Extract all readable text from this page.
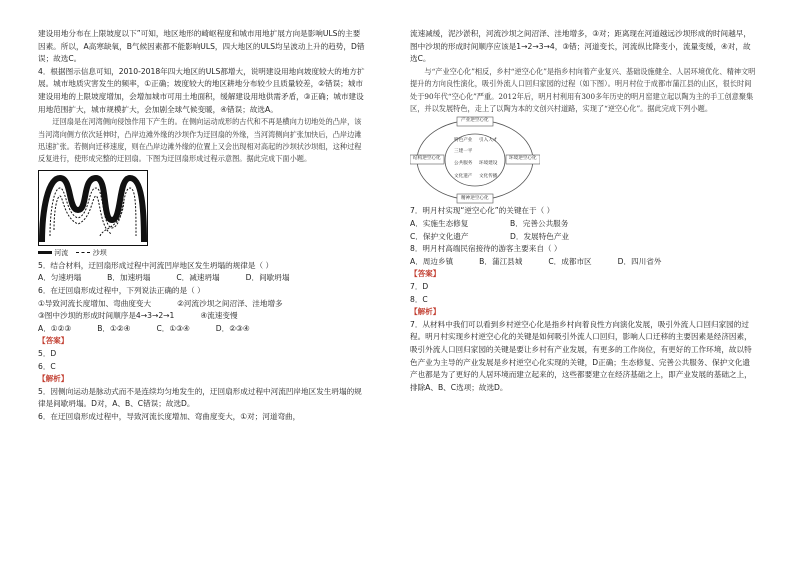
建设用地分布在上限坡度以下”可知，地区地形的崎岖程度和城市用地扩展方向是影响ULS的主要因素。所以，A高寒缺氧，B气候因素都不能影响ULS，四大地区的ULS均呈波动上升的趋势，D错误；故选C。

4．根据图示信息可知，2010-2018年四大地区的ULS都增大，说明建设用地向坡度较大的地方扩展。城市地质灾害发生的频率，①正确；坡度较大的地区耕地分布较少且质量较差，②错误；城市建设用地的上限坡度增加，会增加城市可用土地面积，缓解建设用地供需矛盾，③正确；城市建设用地范围扩大，城市规模扩大，会加剧全球气候变暖，④错误；故选A。

迂回扇是在河湾侧向侵蚀作用下产生的。在侧向运动成形的古代和不再是横向力切地处的凸岸，该当河湾向侧方依次延伸时，凸岸边滩外缘的沙坝作为迂回扇的外缘，当河湾侧向扩张加快后，凸岸边滩迅速扩张。若侧向迁移速度，则在凸岸边滩外缘的位置上又会出现相对高起的沙坝状沙坝组，这种过程反复进行，使形成完整的迂回扇。下图为迂回扇形成过程示意图。据此完成下面小题。

河流	沙坝

5．结合材料，迂回扇形成过程中河流凹岸地区发生坍塌的规律是（ ）

A．匀速坍塌	B．加速坍塌	C．减速坍塌	D．间歇坍塌

6．在迂回扇形成过程中，下列说法正确的是（ ）

①导致河流长度增加、弯曲度变大	②河流沙坝之间沼泽、洼地增多
③图中沙坝的形成时间顺序是4→3→2→1	④流速变慢
A．①②③	B．①②④	C．①③④	D．②③④

【答案】

5．D

6．C

【解析】

5．因侧向运动是脉动式而不是连续均匀地发生的，迂回扇形成过程中河流凹岸地区发生坍塌的规律是间歇坍塌。D对，A、B、C错误；故选D。

6．在迂回扇形成过程中，导致河流长度增加、弯曲度变大，①对；河道弯曲，

流速减缓，泥沙淤积，河流沙坝之间沼泽、洼地增多，③对；距离现在河道越远沙坝形成的时间越早，图中沙坝的形成时间顺序应该是1→2→3→4，③错；河道变长，河流纵比降变小，流量变缓，④对，故选C。

与“产业空心化”相反，乡村“逆空心化”是指乡村向着产业复兴、基础设施健全、人居环境优化、精神文明提升的方向良性演化，吸引外流人口回归家园的过程（如下图）。明月村位于成都市蒲江县的山区，很长时间处于90年代“空心化”严重。2012年后，明月村利用有300多年历史的明月窑建立起以陶为主的手工创意聚集区，并以发展特色，走上了以陶为本的文创兴村道路，实现了“逆空心化”。据此完成下列小题。

产业逆空心化
特色产业 引入人才
三建一平
公共服务 环境建设
结构逆空心化	环境逆空心化
文化遗产 文化传播
精神逆空心化

7．明月村实现“逆空心化”的关键在于（ ）

A．实施生态修复	B．完善公共服务
C．保护文化遗产	D．发展特色产业

8．明月村高端民宿接待的游客主要来自（ ）

A．周边乡镇	B．蒲江县城	C．成都市区	D．四川省外

【答案】

7．D

8．C

【解析】

7．从材料中我们可以看到乡村逆空心化是指乡村向着良性方向演化发展，吸引外流人口回归家园的过程。明月村实现乡村逆空心化的关键是如何吸引外流人口回归，影响人口迁移的主要因素是经济因素，吸引外流人口回归家园的关键是要让乡村有产业发展，有更多的工作岗位，有更好的工作环境，故以特色产业为主导的产业发展是乡村逆空心化实现的关键，D正确；生态修复、完善公共服务、保护文化遗产也都是为了更好的人居环境而建立起来的，这些都要建立在经济基础之上，即产业发展的基础之上，排除A、B、C选项；故选D。
